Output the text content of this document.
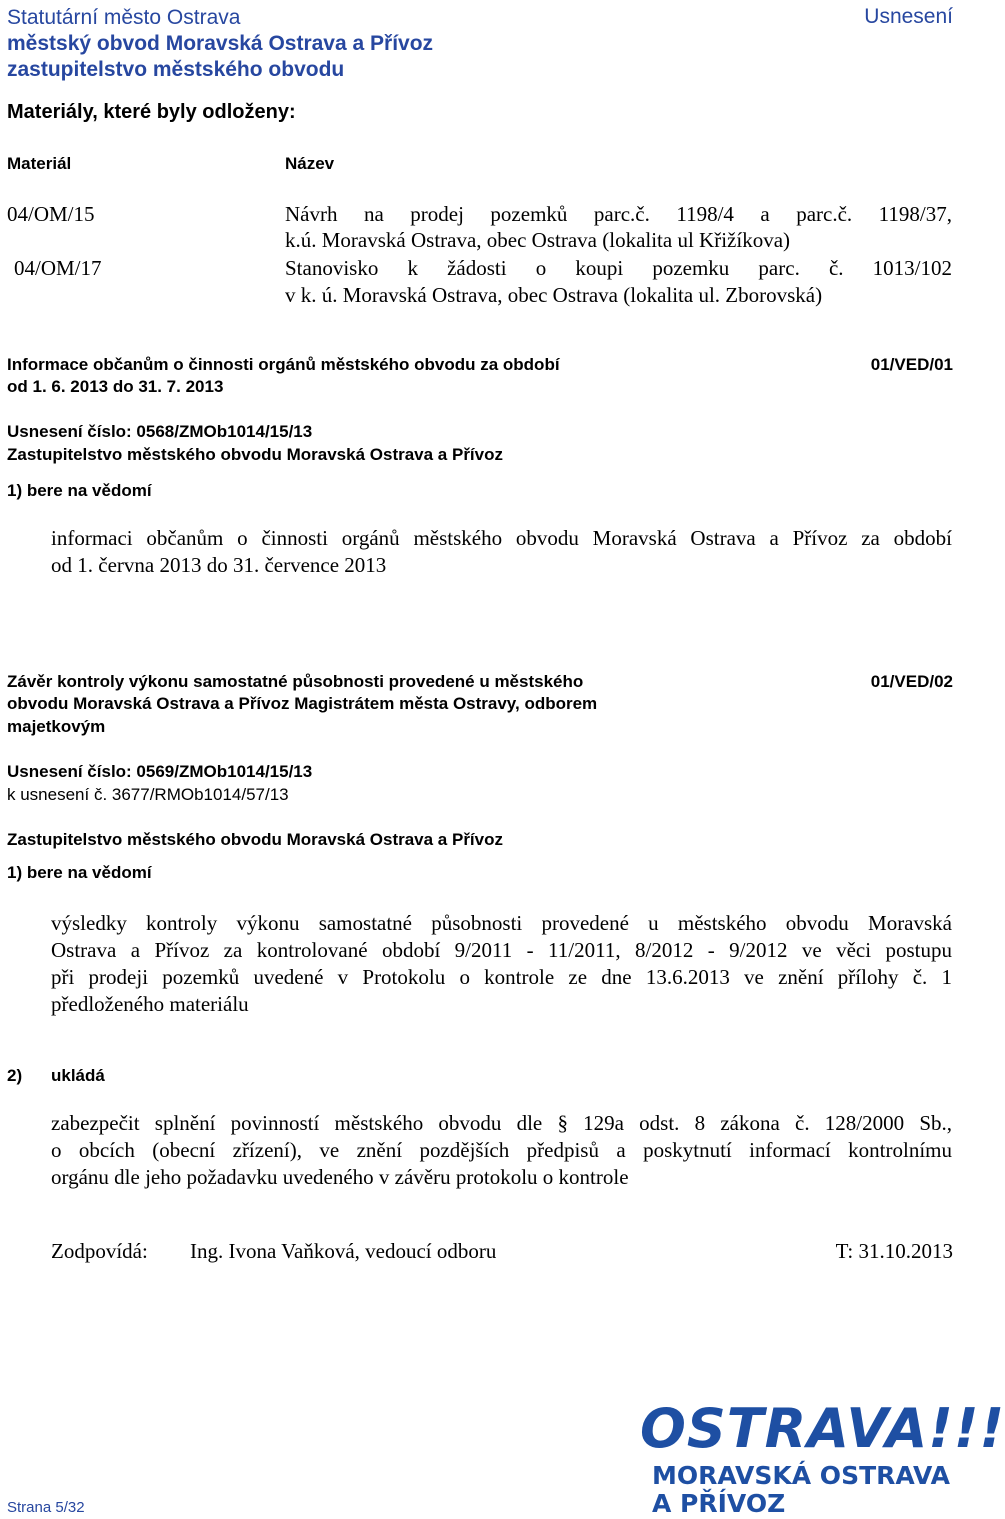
Statutární město Ostrava
městský obvod Moravská Ostrava a Přívoz
zastupitelstvo městského obvodu
Usnesení
Materiály, které byly odloženy:
Materiál	Název
04/OM/15	Návrh na prodej pozemků parc.č. 1198/4 a parc.č. 1198/37,
k.ú. Moravská Ostrava, obec Ostrava (lokalita ul Křižíkova)
04/OM/17	Stanovisko k žádosti o koupi pozemku parc. č. 1013/102
v k. ú. Moravská Ostrava, obec Ostrava (lokalita ul. Zborovská)
Informace občanům o činnosti orgánů městského obvodu za období
od 1. 6. 2013 do 31. 7. 2013
01/VED/01
Usnesení číslo: 0568/ZMOb1014/15/13
Zastupitelstvo městského obvodu Moravská Ostrava a Přívoz
1) bere na vědomí
informaci občanům o činnosti orgánů městského obvodu Moravská Ostrava a Přívoz za období
od 1. června 2013 do 31. července 2013
Závěr kontroly výkonu samostatné působnosti provedené u městského
obvodu Moravská Ostrava a Přívoz Magistrátem města Ostravy, odborem
majetkovým
01/VED/02
Usnesení číslo: 0569/ZMOb1014/15/13
k usnesení č. 3677/RMOb1014/57/13
Zastupitelstvo městského obvodu Moravská Ostrava a Přívoz
1) bere na vědomí
výsledky kontroly výkonu samostatné působnosti provedené u městského obvodu Moravská
Ostrava a Přívoz za kontrolované období 9/2011 - 11/2011, 8/2012 - 9/2012 ve věci postupu
při prodeji pozemků uvedené v Protokolu o kontrole ze dne 13.6.2013 ve znění přílohy č. 1
předloženého materiálu
2) ukládá
zabezpečit splnění povinností městského obvodu dle § 129a odst. 8 zákona č. 128/2000 Sb.,
o obcích (obecní zřízení), ve znění pozdějších předpisů a poskytnutí informací kontrolnímu
orgánu dle jeho požadavku uvedeného v závěru protokolu o kontrole
Zodpovídá: Ing. Ivona Vaňková, vedoucí odboru	T: 31.10.2013
Strana 5/32
OSTRAVA!!!
MORAVSKÁ OSTRAVA
A PŘÍVOZ
